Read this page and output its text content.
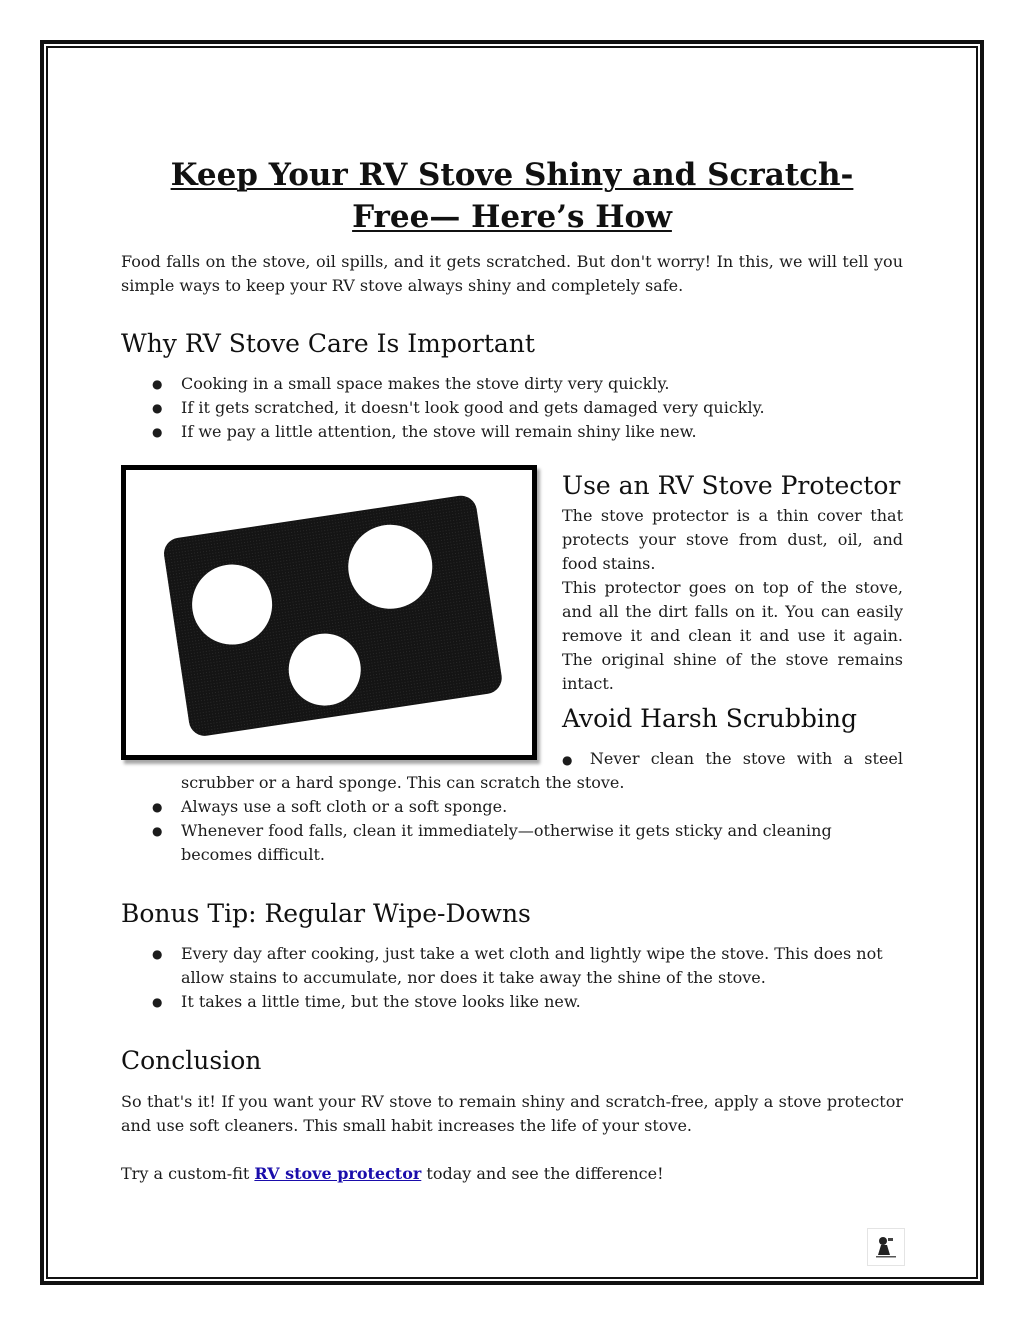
Keep Your RV Stove Shiny and Scratch-
Free— Here’s How

Food falls on the stove, oil spills, and it gets scratched. But don't worry! In this, we will tell you simple ways to keep your RV stove always shiny and completely safe.

Why RV Stove Care Is Important
● Cooking in a small space makes the stove dirty very quickly.
● If it gets scratched, it doesn't look good and gets damaged very quickly.
● If we pay a little attention, the stove will remain shiny like new.
Use an RV Stove Protector

The stove protector is a thin cover that protects your stove from dust, oil, and food stains.

This protector goes on top of the stove, and all the dirt falls on it. You can easily remove it and clean it and use it again. The original shine of the stove remains intact.

Avoid Harsh Scrubbing

● Never clean the stove with a steel

scrubber or a hard sponge. This can scratch the stove.

● Always use a soft cloth or a soft sponge.
● Whenever food falls, clean it immediately—otherwise it gets sticky and cleaning becomes difficult.
Bonus Tip: Regular Wipe-Downs
● Every day after cooking, just take a wet cloth and lightly wipe the stove. This does not allow stains to accumulate, nor does it take away the shine of the stove.
● It takes a little time, but the stove looks like new.
Conclusion

So that's it! If you want your RV stove to remain shiny and scratch-free, apply a stove protector and use soft cleaners. This small habit increases the life of your stove.

Try a custom-fit RV stove protector today and see the difference!
